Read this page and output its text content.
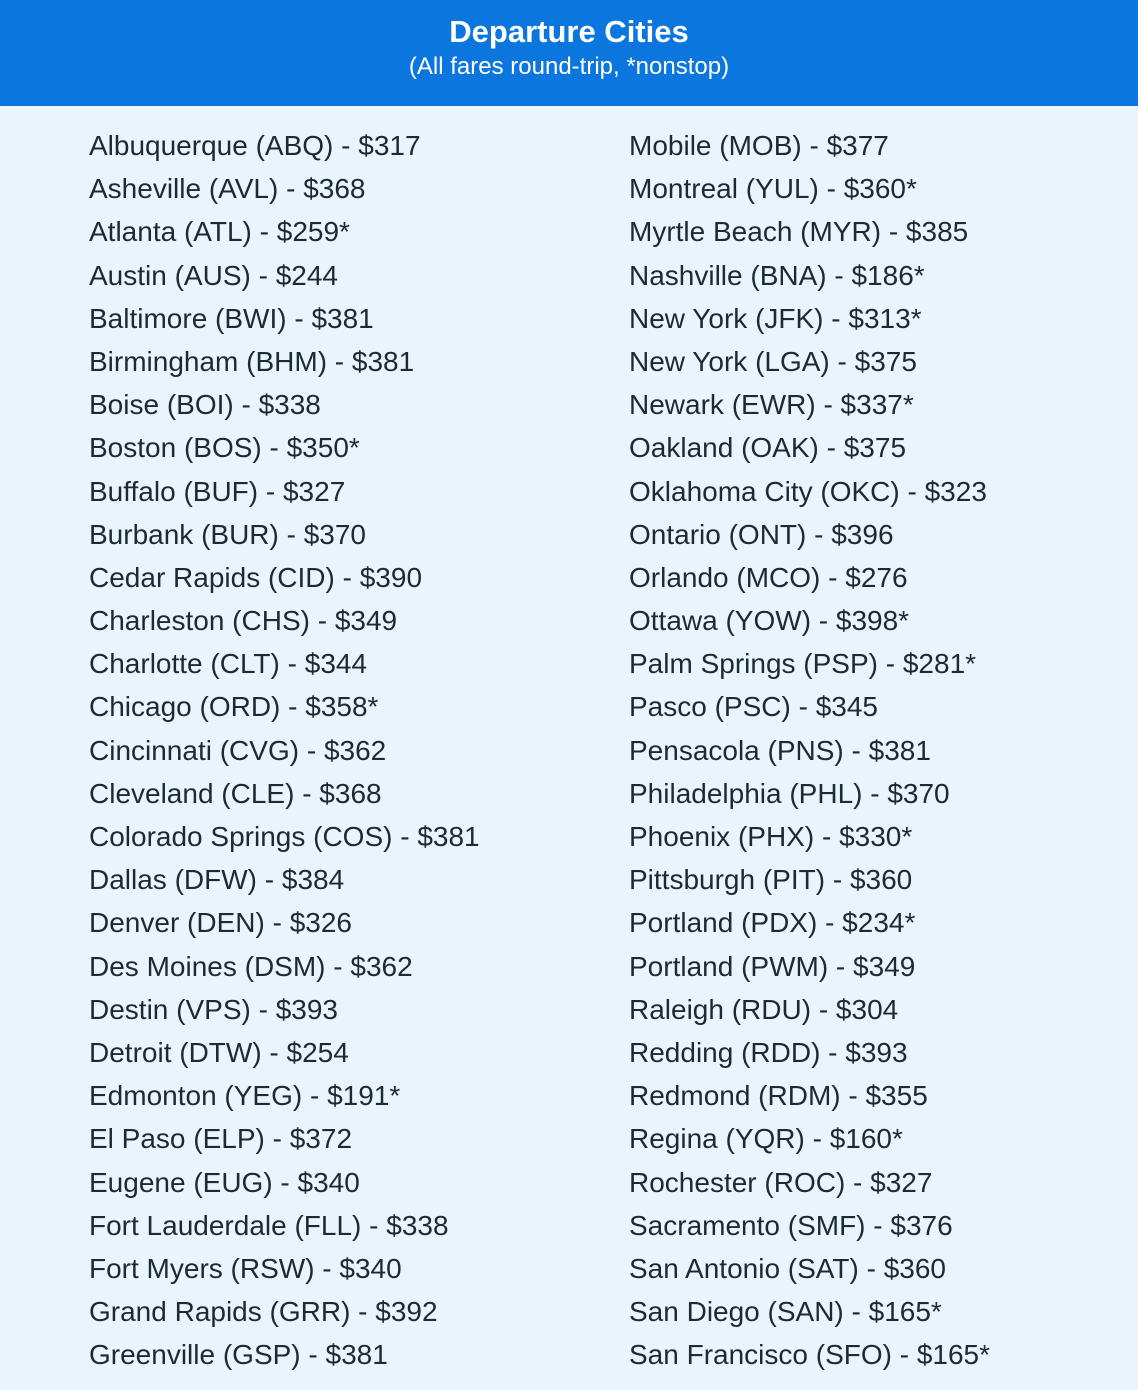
Departure Cities
(All fares round-trip, *nonstop)
Albuquerque (ABQ) - $317
Asheville (AVL) - $368
Atlanta (ATL) - $259*
Austin (AUS) - $244
Baltimore (BWI) - $381
Birmingham (BHM) - $381
Boise (BOI) - $338
Boston (BOS) - $350*
Buffalo (BUF) - $327
Burbank (BUR) - $370
Cedar Rapids (CID) - $390
Charleston (CHS) - $349
Charlotte (CLT) - $344
Chicago (ORD) - $358*
Cincinnati (CVG) - $362
Cleveland (CLE) - $368
Colorado Springs (COS) - $381
Dallas (DFW) - $384
Denver (DEN) - $326
Des Moines (DSM) - $362
Destin (VPS) - $393
Detroit (DTW) - $254
Edmonton (YEG) - $191*
El Paso (ELP) - $372
Eugene (EUG) - $340
Fort Lauderdale (FLL) - $338
Fort Myers (RSW) - $340
Grand Rapids (GRR) - $392
Greenville (GSP) - $381
Mobile (MOB) - $377
Montreal (YUL) - $360*
Myrtle Beach (MYR) - $385
Nashville (BNA) - $186*
New York (JFK) - $313*
New York (LGA) - $375
Newark (EWR) - $337*
Oakland (OAK) - $375
Oklahoma City (OKC) - $323
Ontario (ONT) - $396
Orlando (MCO) - $276
Ottawa (YOW) - $398*
Palm Springs (PSP) - $281*
Pasco (PSC) - $345
Pensacola (PNS) - $381
Philadelphia (PHL) - $370
Phoenix (PHX) - $330*
Pittsburgh (PIT) - $360
Portland (PDX) - $234*
Portland (PWM) - $349
Raleigh (RDU) - $304
Redding (RDD) - $393
Redmond (RDM) - $355
Regina (YQR) - $160*
Rochester (ROC) - $327
Sacramento (SMF) - $376
San Antonio (SAT) - $360
San Diego (SAN) - $165*
San Francisco (SFO) - $165*
